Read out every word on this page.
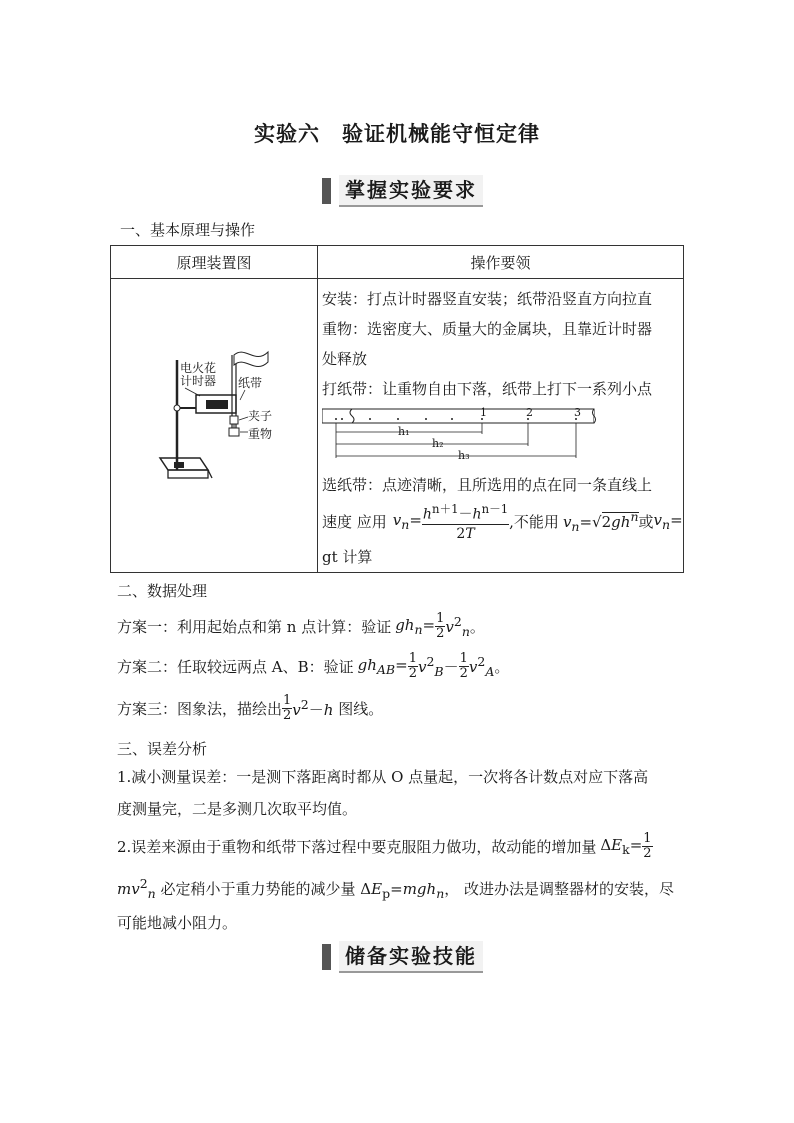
实验六　验证机械能守恒定律
掌握实验要求
一、基本原理与操作
原理装置图	操作要领

电火花
计时器 纸带
夹子
重物
安装：打点计时器竖直安装；纸带沿竖直方向拉直
重物：选密度大、质量大的金属块，且靠近计时器
处释放
打纸带：让重物自由下落，纸带上打下一系列小点
1	2	3
h₁
h₂
h₃
选纸带：点迹清晰，且所选用的点在同一条直线上
速度 应用 $v_n= \frac{h^{n+1}-h^{n-1}}{2T}$ ,不能用 $v_n=√2gh^n$ 或 $v_n=$
gt 计算
二、数据处理
方案一：利用起始点和第 n 点计算：验证 $gh_n= \frac{1}{2} v^2_n$。
方案二：任取较远两点 A、B：验证 $gh_{AB}= \frac{1}{2} v^2_B- \frac{1}{2} v^2_A$。
方案三：图象法，描绘出 $\frac{1}{2} v^2-h$ 图线。
三、误差分析
1.减小测量误差：一是测下落距离时都从 O 点量起，一次将各计数点对应下落高
度测量完，二是多测几次取平均值。
2.误差来源由于重物和纸带下落过程中要克服阻力做功，故动能的增加量 $\Delta E_k= \frac{1}{2}$
$mv^2_n$ 必定稍小于重力势能的减少量 $\Delta E_p=mgh_n$， 改进办法是调整器材的安装，尽
可能地减小阻力。
储备实验技能
